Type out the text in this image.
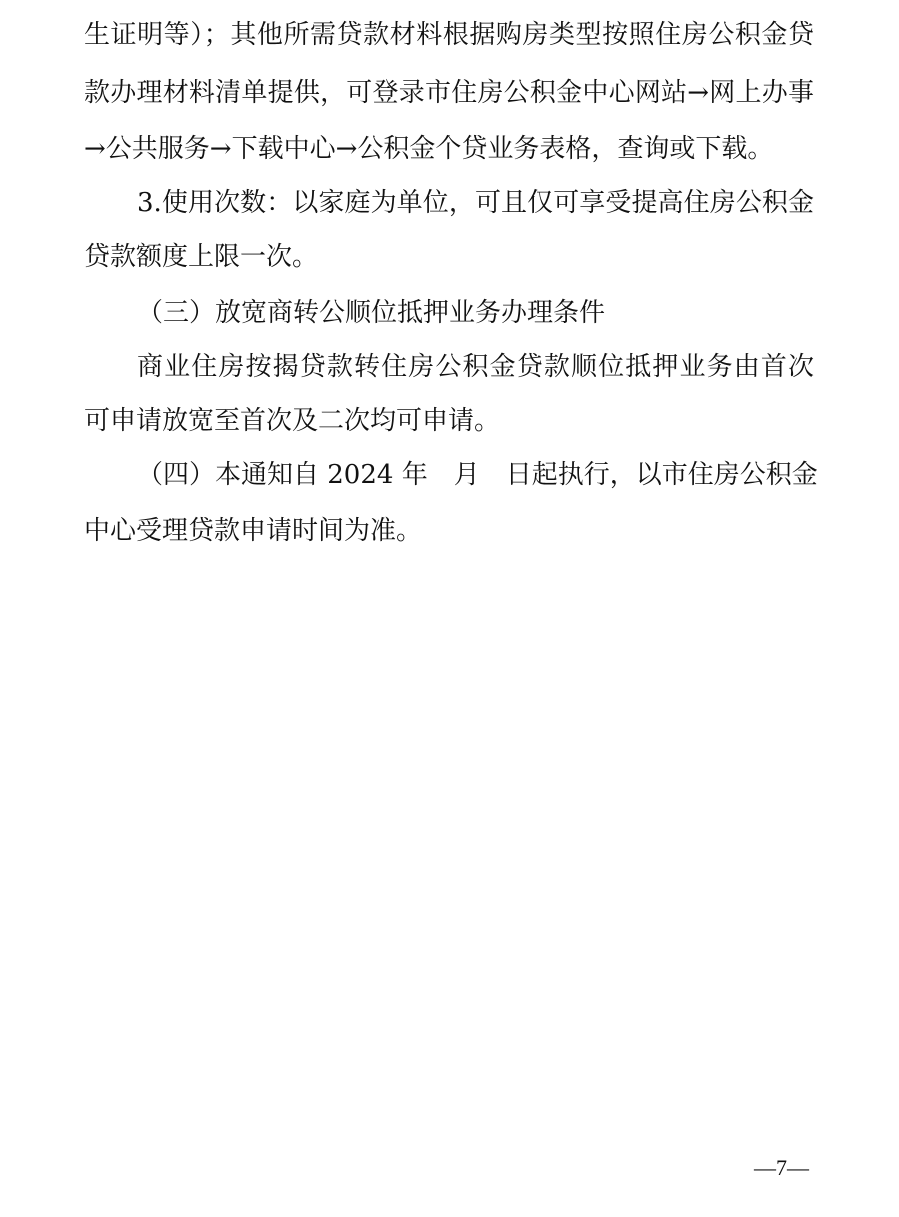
生证明等）；其他所需贷款材料根据购房类型按照住房公积金贷
款办理材料清单提供，可登录市住房公积金中心网站→网上办事
→公共服务→下载中心→公积金个贷业务表格，查询或下载。
3.使用次数：以家庭为单位，可且仅可享受提高住房公积金
贷款额度上限一次。
（三）放宽商转公顺位抵押业务办理条件
商业住房按揭贷款转住房公积金贷款顺位抵押业务由首次
可申请放宽至首次及二次均可申请。
（四）本通知自 2024 年　月　日起执行，以市住房公积金
中心受理贷款申请时间为准。
—7—
